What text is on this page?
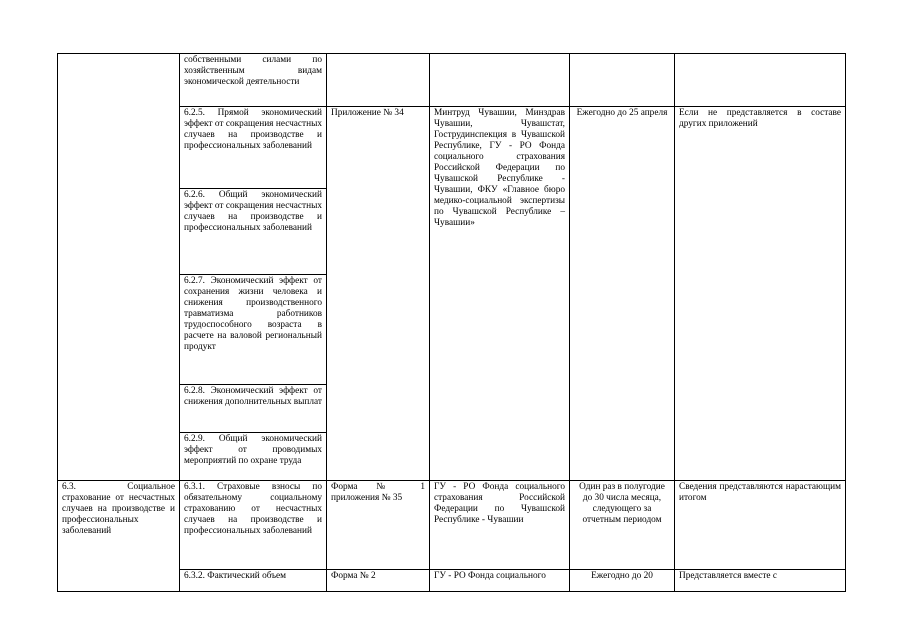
	собственными силами по хозяйственным видам экономической деятельности				
	6.2.5. Прямой экономический эффект от сокращения несчастных случаев на производстве и профессиональных заболеваний	Приложение № 34	Минтруд Чувашии, Минздрав Чувашии, Чувашстат, Гострудинспекция в Чувашской Республике, ГУ - РО Фонда социального страхования Российской Федерации по Чувашской Республике - Чувашии, ФКУ «Главное бюро медико-социальной экспертизы по Чувашской Республике – Чувашии»	Ежегодно до 25 апреля	Если не представляется в составе других приложений
	6.2.6. Общий экономический эффект от сокращения несчастных случаев на производстве и профессиональных заболеваний				
	6.2.7. Экономический эффект от сохранения жизни человека и снижения производственного травматизма работников трудоспособного возраста в расчете на валовой региональный продукт				
	6.2.8. Экономический эффект от снижения дополнительных выплат				
	6.2.9. Общий экономический эффект от проводимых мероприятий по охране труда				
6.3. Социальное страхование от несчастных случаев на производстве и профессиональных заболеваний	6.3.1. Страховые взносы по обязательному социальному страхованию от несчастных случаев на производстве и профессиональных заболеваний	Форма № 1 приложения № 35	ГУ - РО Фонда социального страхования Российской Федерации по Чувашской Республике - Чувашии	Один раз в полугодие до 30 числа месяца, следующего за отчетным периодом	Сведения представляются нарастающим итогом
	6.3.2. Фактический объем	Форма № 2	ГУ - РО Фонда социального	Ежегодно до 20	Представляется вместе с
